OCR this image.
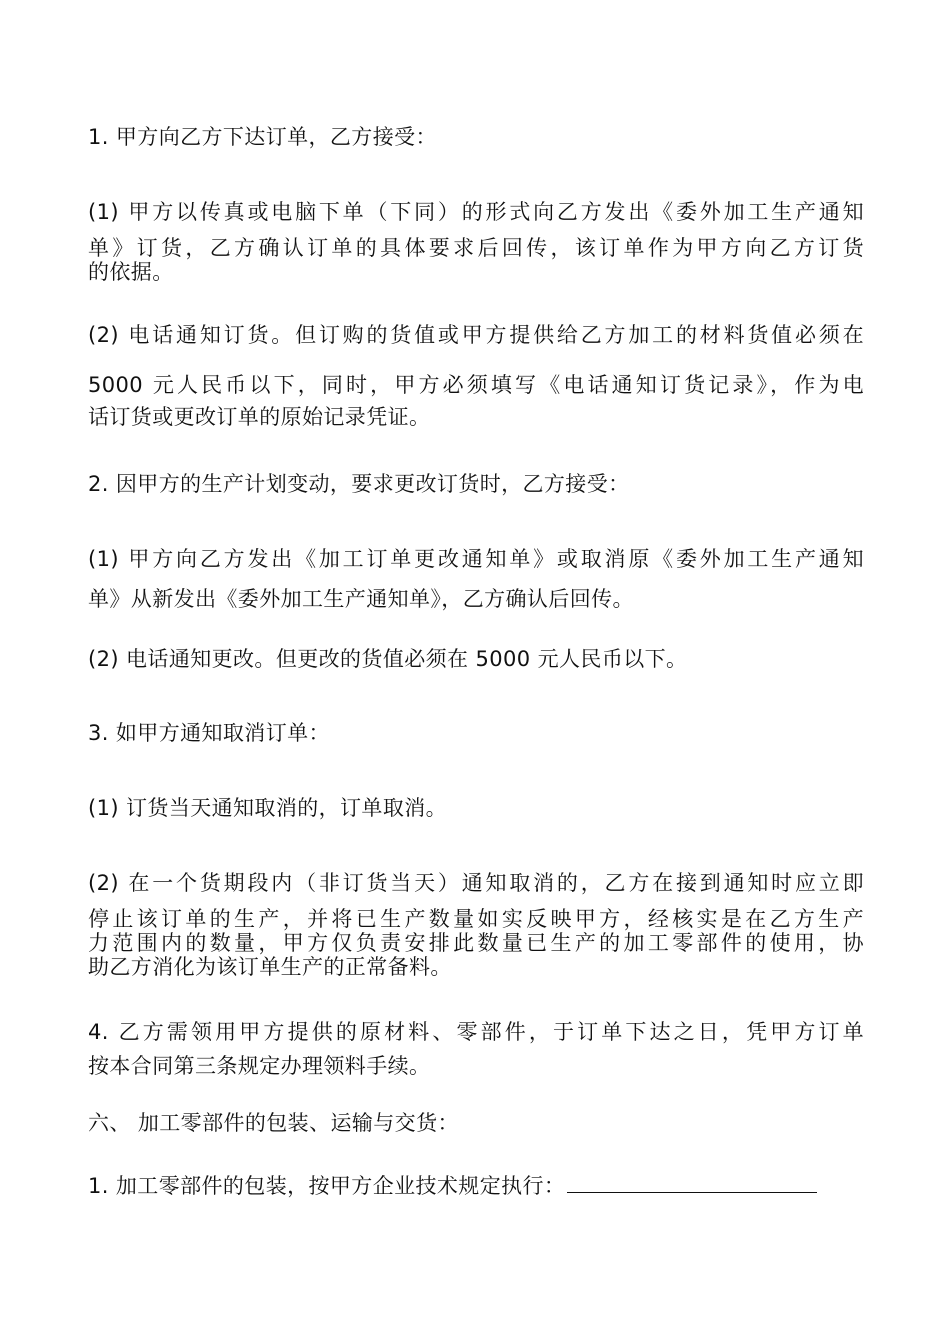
1. 甲方向乙方下达订单，乙方接受：

(1) 甲方以传真或电脑下单（下同）的形式向乙方发出《委外加工生产通知
单》订货，乙方确认订单的具体要求后回传，该订单作为甲方向乙方订货
的依据。

(2) 电话通知订货。但订购的货值或甲方提供给乙方加工的材料货值必须在
5000 元人民币以下，同时，甲方必须填写《电话通知订货记录》，作为电
话订货或更改订单的原始记录凭证。

2. 因甲方的生产计划变动，要求更改订货时，乙方接受：

(1) 甲方向乙方发出《加工订单更改通知单》或取消原《委外加工生产通知
单》从新发出《委外加工生产通知单》，乙方确认后回传。

(2) 电话通知更改。但更改的货值必须在 5000 元人民币以下。

3. 如甲方通知取消订单：

(1) 订货当天通知取消的，订单取消。

(2) 在一个货期段内（非订货当天）通知取消的，乙方在接到通知时应立即
停止该订单的生产，并将已生产数量如实反映甲方，经核实是在乙方生产
力范围内的数量，甲方仅负责安排此数量已生产的加工零部件的使用，协
助乙方消化为该订单生产的正常备料。

4. 乙方需领用甲方提供的原材料、零部件，于订单下达之日，凭甲方订单
按本合同第三条规定办理领料手续。

六、 加工零部件的包装、运输与交货：

1. 加工零部件的包装，按甲方企业技术规定执行：
